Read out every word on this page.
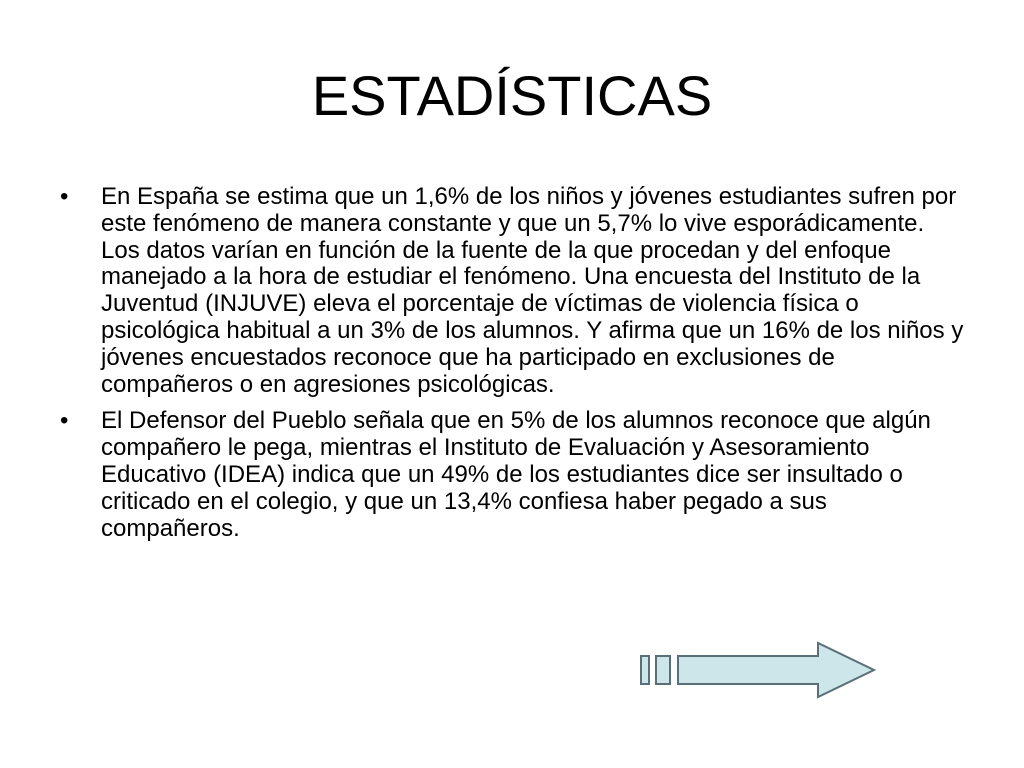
ESTADÍSTICAS
•	En España se estima que un 1,6% de los niños y jóvenes estudiantes sufren por este fenómeno de manera constante y que un 5,7% lo vive esporádicamente. Los datos varían en función de la fuente de la que procedan y del enfoque manejado a la hora de estudiar el fenómeno. Una encuesta del Instituto de la Juventud (INJUVE) eleva el porcentaje de víctimas de violencia física o psicológica habitual a un 3% de los alumnos. Y afirma que un 16% de los niños y jóvenes encuestados reconoce que ha participado en exclusiones de compañeros o en agresiones psicológicas.
•	El Defensor del Pueblo señala que en 5% de los alumnos reconoce que algún compañero le pega, mientras el Instituto de Evaluación y Asesoramiento Educativo (IDEA) indica que un 49% de los estudiantes dice ser insultado o criticado en el colegio, y que un 13,4% confiesa haber pegado a sus compañeros.
